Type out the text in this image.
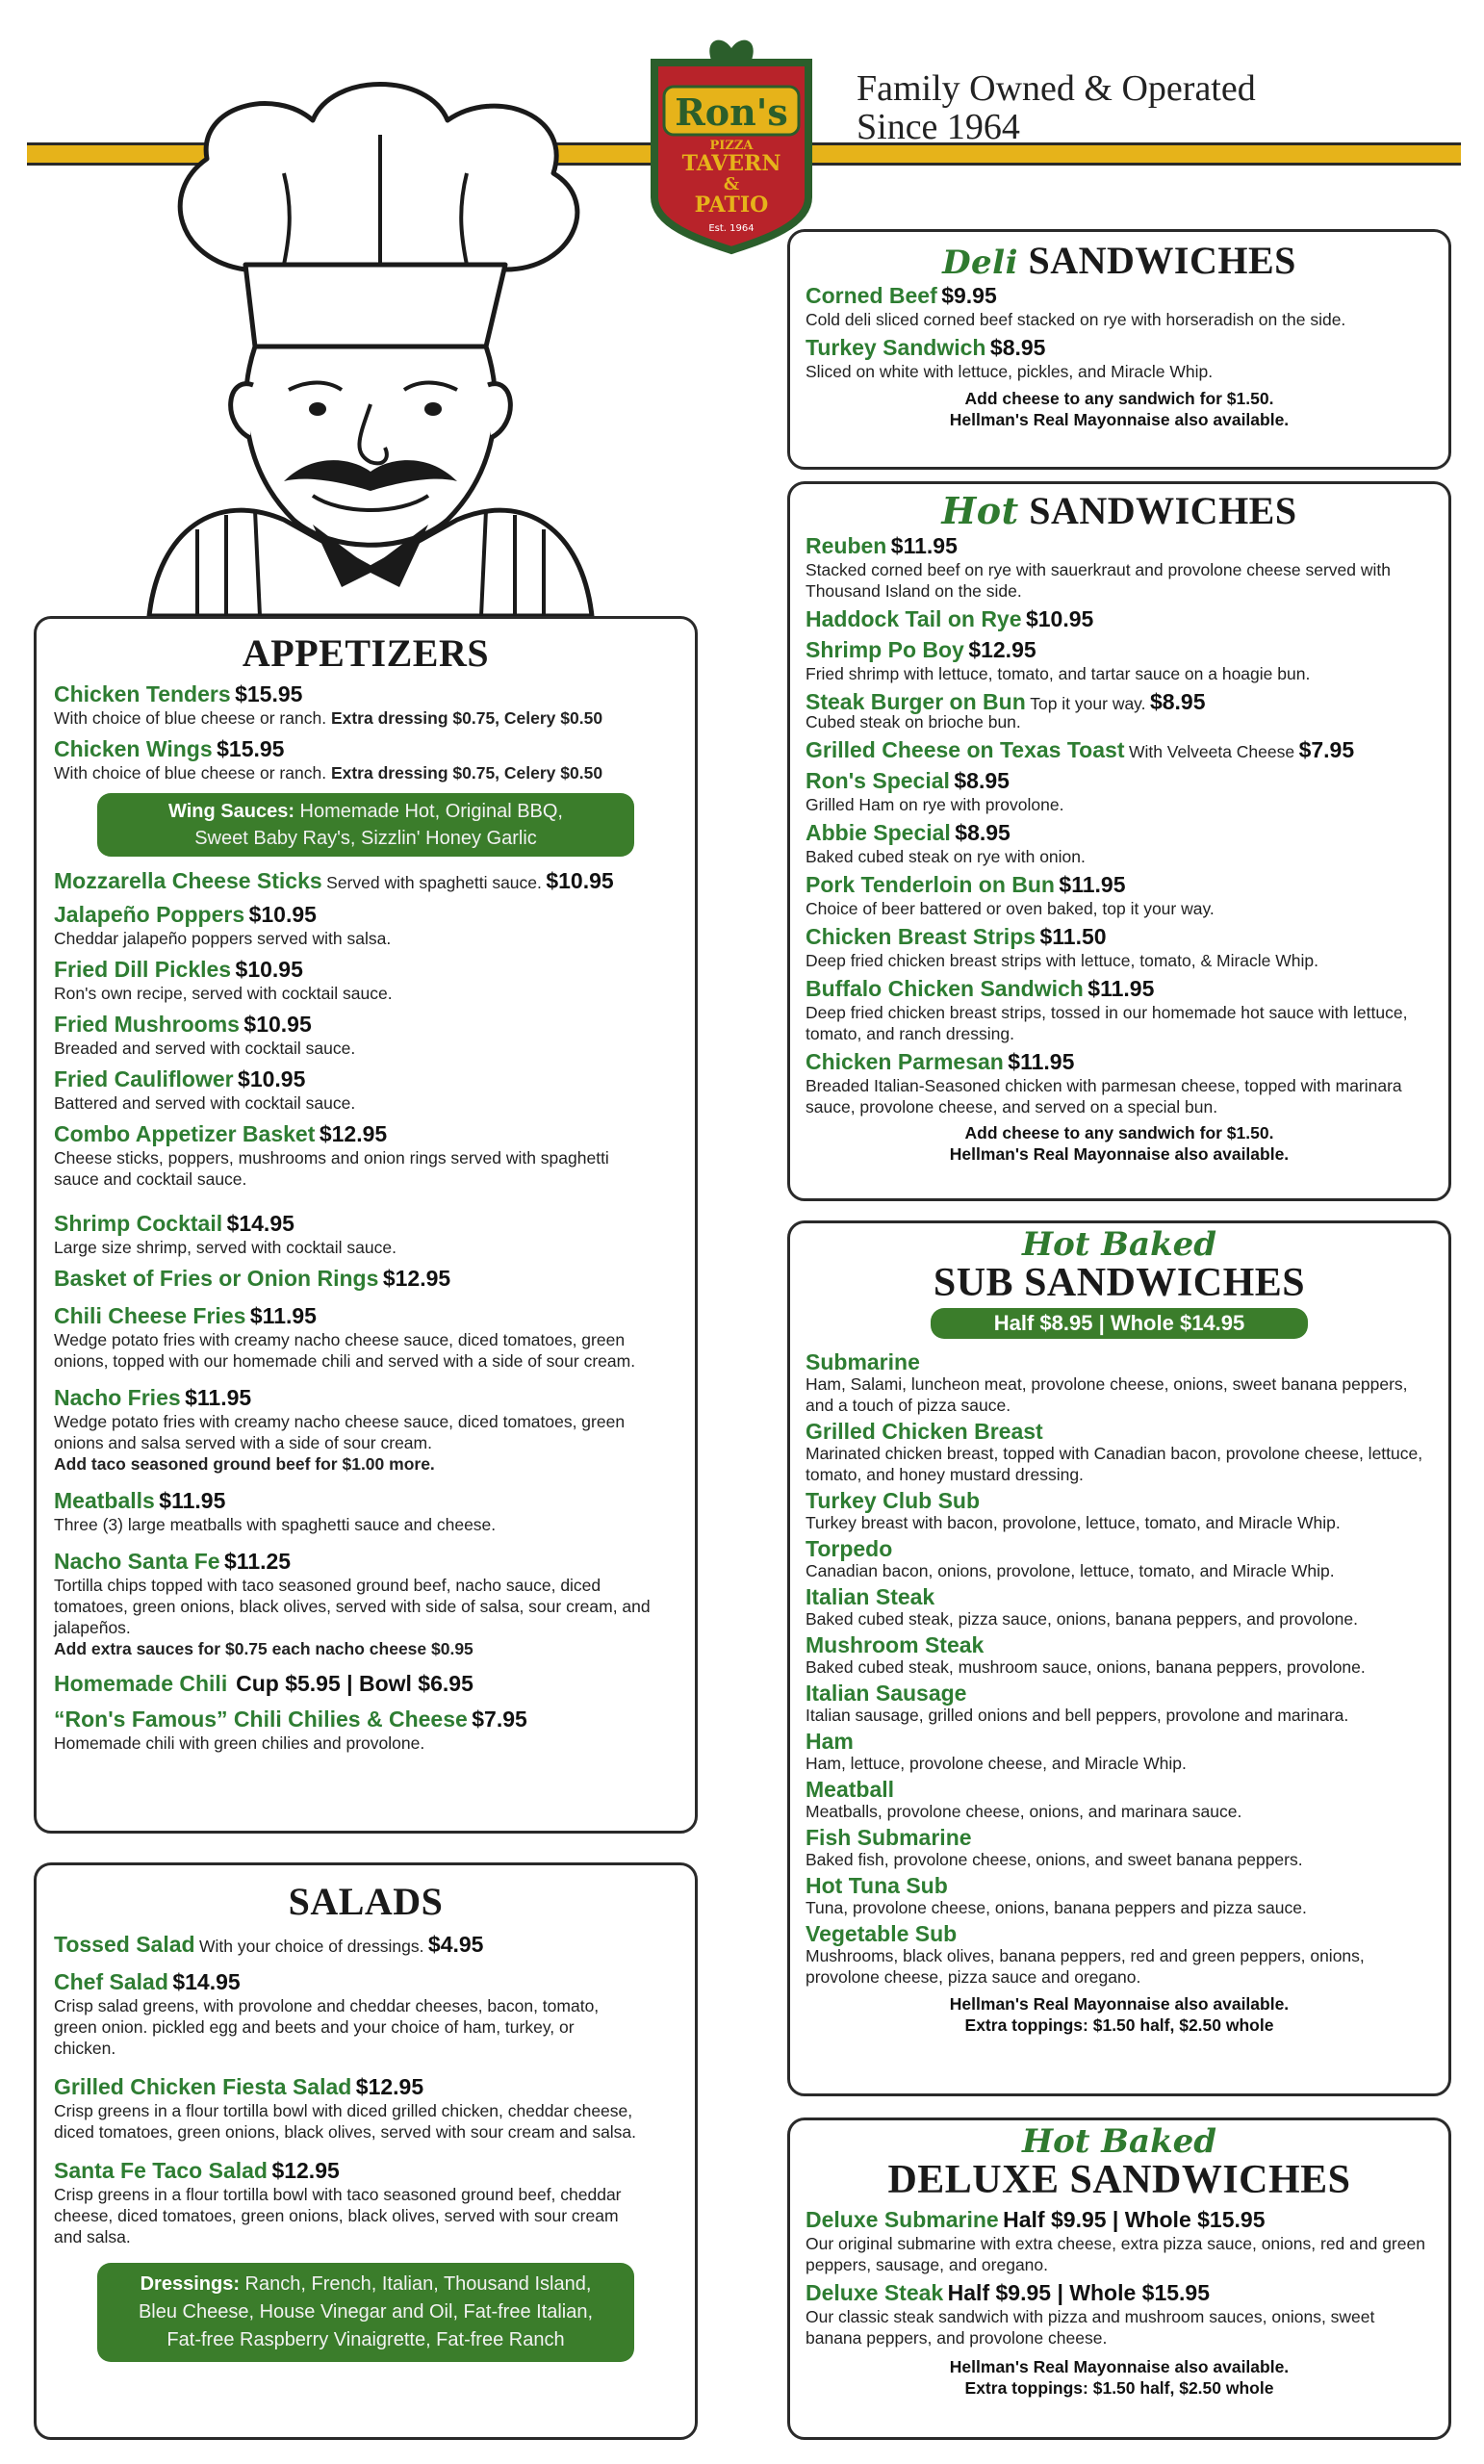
Ron's
PIZZA
TAVERN
&
PATIO
Est. 1964
Family Owned & Operated
Since 1964
APPETIZERS
Chicken Tenders $15.95
With choice of blue cheese or ranch. Extra dressing $0.75, Celery $0.50
Chicken Wings $15.95
With choice of blue cheese or ranch. Extra dressing $0.75, Celery $0.50
Wing Sauces: Homemade Hot, Original BBQ,
Sweet Baby Ray's, Sizzlin' Honey Garlic
Mozzarella Cheese Sticks Served with spaghetti sauce. $10.95
Jalapeño Poppers $10.95
Cheddar jalapeño poppers served with salsa.
Fried Dill Pickles $10.95
Ron's own recipe, served with cocktail sauce.
Fried Mushrooms $10.95
Breaded and served with cocktail sauce.
Fried Cauliflower $10.95
Battered and served with cocktail sauce.
Combo Appetizer Basket $12.95
Cheese sticks, poppers, mushrooms and onion rings served with spaghetti sauce and cocktail sauce.
Shrimp Cocktail $14.95
Large size shrimp, served with cocktail sauce.
Basket of Fries or Onion Rings $12.95
Chili Cheese Fries $11.95
Wedge potato fries with creamy nacho cheese sauce, diced tomatoes, green onions, topped with our homemade chili and served with a side of sour cream.
Nacho Fries $11.95
Wedge potato fries with creamy nacho cheese sauce, diced tomatoes, green onions and salsa served with a side of sour cream.
Add taco seasoned ground beef for $1.00 more.
Meatballs $11.95
Three (3) large meatballs with spaghetti sauce and cheese.
Nacho Santa Fe $11.25
Tortilla chips topped with taco seasoned ground beef, nacho sauce, diced tomatoes, green onions, black olives, served with side of salsa, sour cream, and jalapeños.
Add extra sauces for $0.75 each nacho cheese $0.95
Homemade Chili Cup $5.95 | Bowl $6.95
“Ron's Famous” Chili Chilies & Cheese $7.95
Homemade chili with green chilies and provolone.
SALADS
Tossed Salad With your choice of dressings. $4.95
Chef Salad $14.95
Crisp salad greens, with provolone and cheddar cheeses, bacon, tomato, green onion. pickled egg and beets and your choice of ham, turkey, or chicken.
Grilled Chicken Fiesta Salad $12.95
Crisp greens in a flour tortilla bowl with diced grilled chicken, cheddar cheese, diced tomatoes, green onions, black olives, served with sour cream and salsa.
Santa Fe Taco Salad $12.95
Crisp greens in a flour tortilla bowl with taco seasoned ground beef, cheddar cheese, diced tomatoes, green onions, black olives, served with sour cream and salsa.
Dressings: Ranch, French, Italian, Thousand Island,
Bleu Cheese, House Vinegar and Oil, Fat-free Italian,
Fat-free Raspberry Vinaigrette, Fat-free Ranch
Deli SANDWICHES
Corned Beef $9.95
Cold deli sliced corned beef stacked on rye with horseradish on the side.
Turkey Sandwich $8.95
Sliced on white with lettuce, pickles, and Miracle Whip.
Add cheese to any sandwich for $1.50.
Hellman's Real Mayonnaise also available.
Hot SANDWICHES
Reuben $11.95
Stacked corned beef on rye with sauerkraut and provolone cheese served with Thousand Island on the side.
Haddock Tail on Rye $10.95
Shrimp Po Boy $12.95
Fried shrimp with lettuce, tomato, and tartar sauce on a hoagie bun.
Steak Burger on Bun Top it your way. $8.95
Cubed steak on brioche bun.
Grilled Cheese on Texas Toast With Velveeta Cheese $7.95
Ron's Special $8.95
Grilled Ham on rye with provolone.
Abbie Special $8.95
Baked cubed steak on rye with onion.
Pork Tenderloin on Bun $11.95
Choice of beer battered or oven baked, top it your way.
Chicken Breast Strips $11.50
Deep fried chicken breast strips with lettuce, tomato, & Miracle Whip.
Buffalo Chicken Sandwich $11.95
Deep fried chicken breast strips, tossed in our homemade hot sauce with lettuce, tomato, and ranch dressing.
Chicken Parmesan $11.95
Breaded Italian-Seasoned chicken with parmesan cheese, topped with marinara sauce, provolone cheese, and served on a special bun.
Add cheese to any sandwich for $1.50.
Hellman's Real Mayonnaise also available.
Hot Baked
SUB SANDWICHES
Half $8.95 | Whole $14.95
Submarine
Ham, Salami, luncheon meat, provolone cheese, onions, sweet banana peppers, and a touch of pizza sauce.
Grilled Chicken Breast
Marinated chicken breast, topped with Canadian bacon, provolone cheese, lettuce, tomato, and honey mustard dressing.
Turkey Club Sub
Turkey breast with bacon, provolone, lettuce, tomato, and Miracle Whip.
Torpedo
Canadian bacon, onions, provolone, lettuce, tomato, and Miracle Whip.
Italian Steak
Baked cubed steak, pizza sauce, onions, banana peppers, and provolone.
Mushroom Steak
Baked cubed steak, mushroom sauce, onions, banana peppers, provolone.
Italian Sausage
Italian sausage, grilled onions and bell peppers, provolone and marinara.
Ham
Ham, lettuce, provolone cheese, and Miracle Whip.
Meatball
Meatballs, provolone cheese, onions, and marinara sauce.
Fish Submarine
Baked fish, provolone cheese, onions, and sweet banana peppers.
Hot Tuna Sub
Tuna, provolone cheese, onions, banana peppers and pizza sauce.
Vegetable Sub
Mushrooms, black olives, banana peppers, red and green peppers, onions, provolone cheese, pizza sauce and oregano.
Hellman's Real Mayonnaise also available.
Extra toppings: $1.50 half, $2.50 whole
Hot Baked
DELUXE SANDWICHES
Deluxe Submarine Half $9.95 | Whole $15.95
Our original submarine with extra cheese, extra pizza sauce, onions, red and green peppers, sausage, and oregano.
Deluxe Steak Half $9.95 | Whole $15.95
Our classic steak sandwich with pizza and mushroom sauces, onions, sweet banana peppers, and provolone cheese.
Hellman's Real Mayonnaise also available.
Extra toppings: $1.50 half, $2.50 whole
